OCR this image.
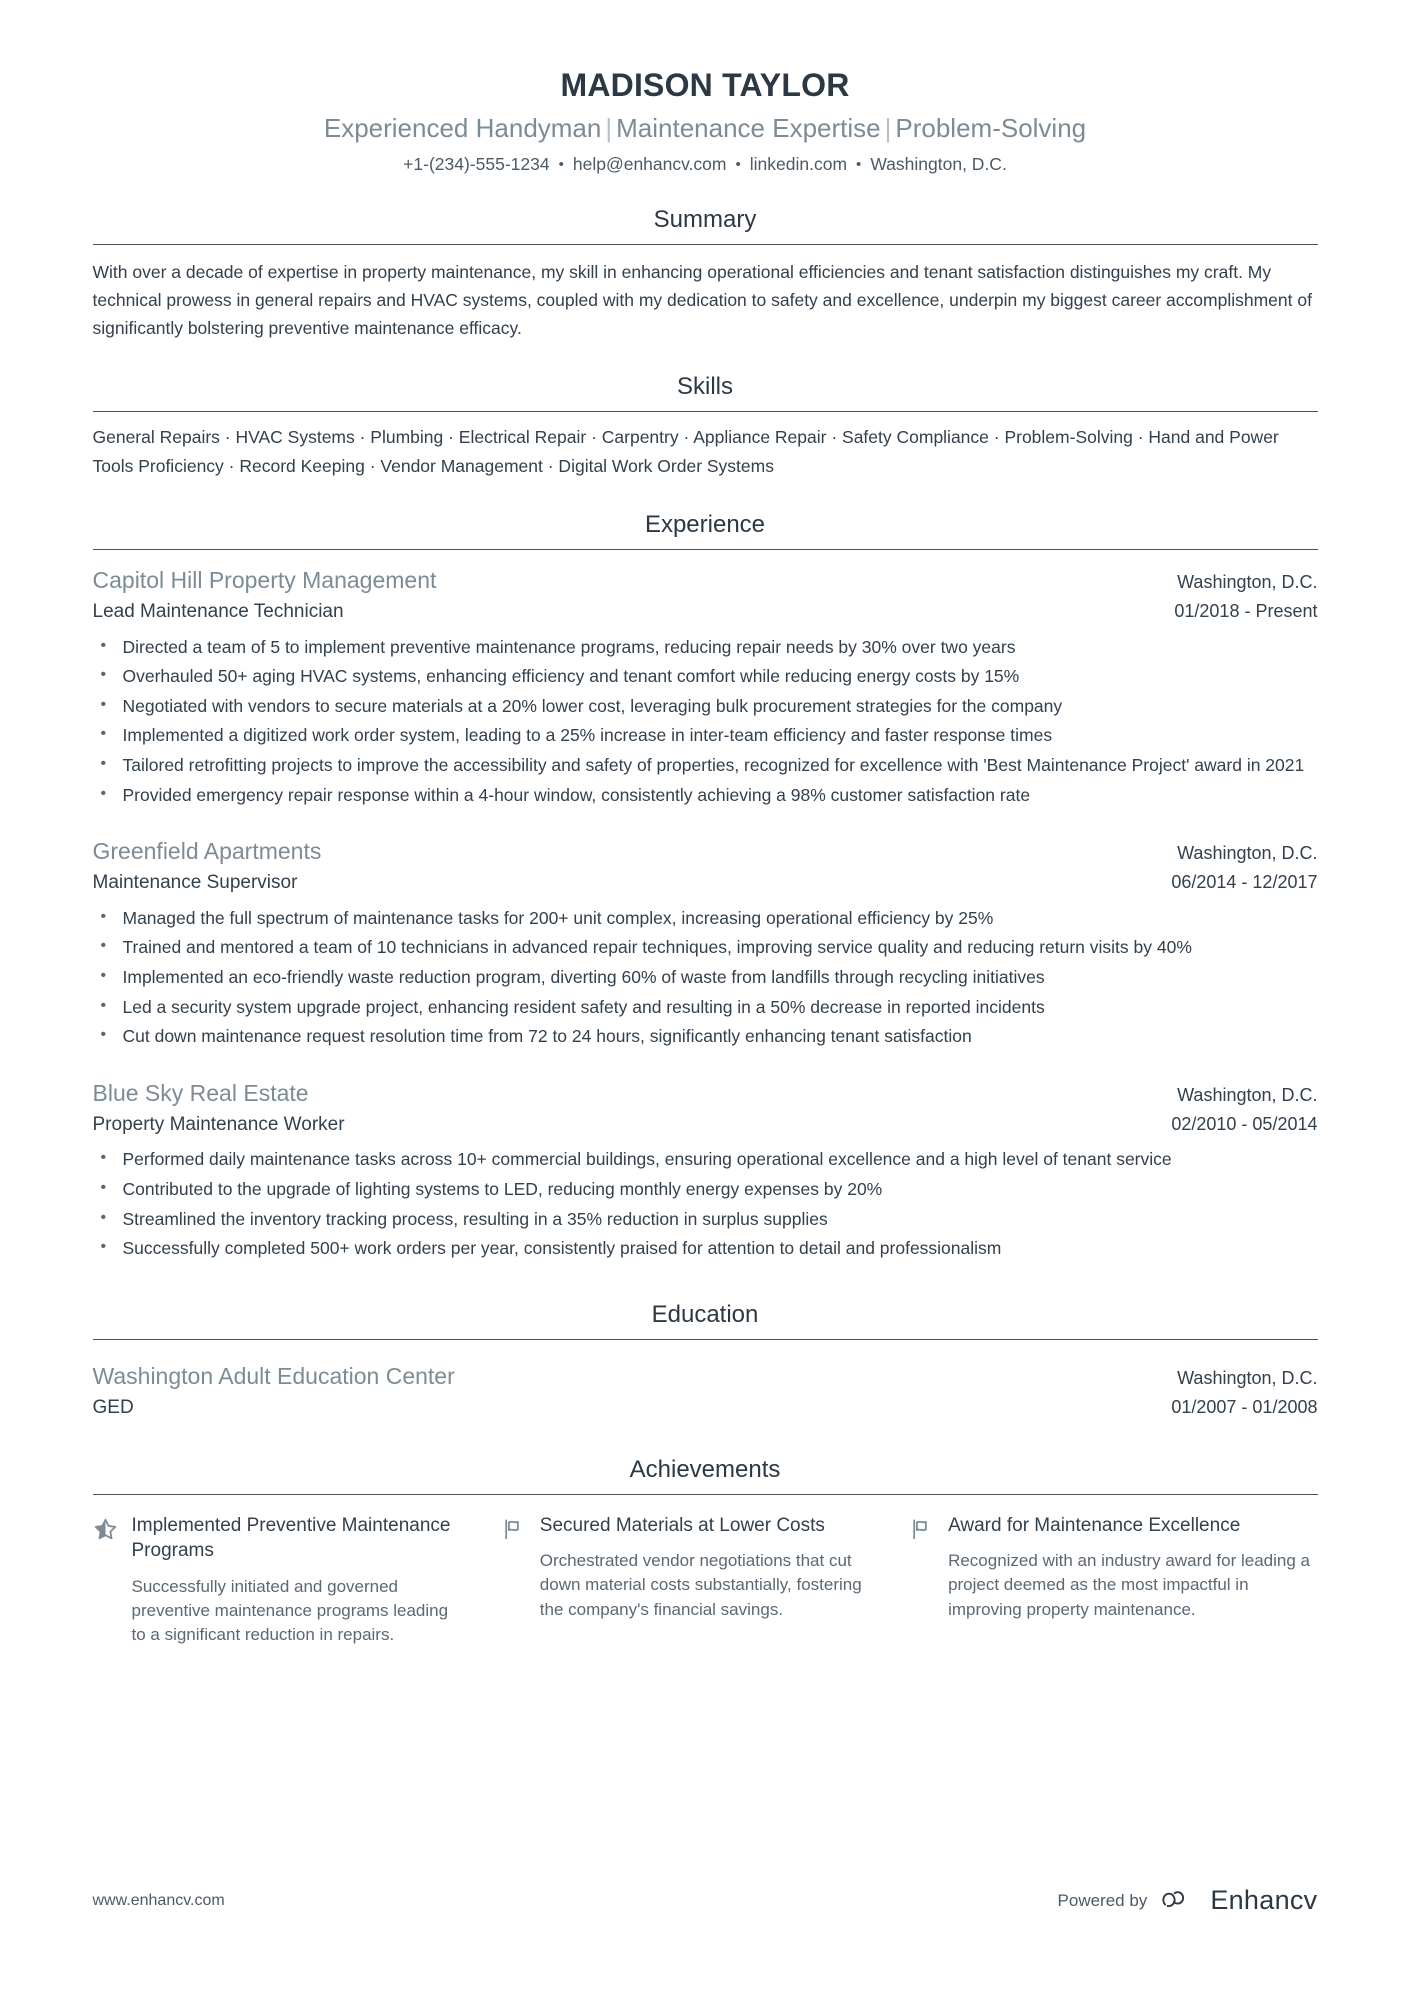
MADISON TAYLOR
Experienced Handyman | Maintenance Expertise | Problem-Solving
+1-(234)-555-1234 • help@enhancv.com • linkedin.com • Washington, D.C.
Summary
With over a decade of expertise in property maintenance, my skill in enhancing operational efficiencies and tenant satisfaction distinguishes my craft. My technical prowess in general repairs and HVAC systems, coupled with my dedication to safety and excellence, underpin my biggest career accomplishment of significantly bolstering preventive maintenance efficacy.
Skills
General Repairs · HVAC Systems · Plumbing · Electrical Repair · Carpentry · Appliance Repair · Safety Compliance · Problem-Solving · Hand and Power Tools Proficiency · Record Keeping · Vendor Management · Digital Work Order Systems
Experience
Capitol Hill Property Management	Washington, D.C.
Lead Maintenance Technician	01/2018 - Present
• Directed a team of 5 to implement preventive maintenance programs, reducing repair needs by 30% over two years
• Overhauled 50+ aging HVAC systems, enhancing efficiency and tenant comfort while reducing energy costs by 15%
• Negotiated with vendors to secure materials at a 20% lower cost, leveraging bulk procurement strategies for the company
• Implemented a digitized work order system, leading to a 25% increase in inter-team efficiency and faster response times
• Tailored retrofitting projects to improve the accessibility and safety of properties, recognized for excellence with 'Best Maintenance Project' award in 2021
• Provided emergency repair response within a 4-hour window, consistently achieving a 98% customer satisfaction rate
Greenfield Apartments	Washington, D.C.
Maintenance Supervisor	06/2014 - 12/2017
• Managed the full spectrum of maintenance tasks for 200+ unit complex, increasing operational efficiency by 25%
• Trained and mentored a team of 10 technicians in advanced repair techniques, improving service quality and reducing return visits by 40%
• Implemented an eco-friendly waste reduction program, diverting 60% of waste from landfills through recycling initiatives
• Led a security system upgrade project, enhancing resident safety and resulting in a 50% decrease in reported incidents
• Cut down maintenance request resolution time from 72 to 24 hours, significantly enhancing tenant satisfaction
Blue Sky Real Estate	Washington, D.C.
Property Maintenance Worker	02/2010 - 05/2014
• Performed daily maintenance tasks across 10+ commercial buildings, ensuring operational excellence and a high level of tenant service
• Contributed to the upgrade of lighting systems to LED, reducing monthly energy expenses by 20%
• Streamlined the inventory tracking process, resulting in a 35% reduction in surplus supplies
• Successfully completed 500+ work orders per year, consistently praised for attention to detail and professionalism
Education
Washington Adult Education Center	Washington, D.C.
GED	01/2007 - 01/2008
Achievements
Implemented Preventive Maintenance Programs
Successfully initiated and governed preventive maintenance programs leading to a significant reduction in repairs.
Secured Materials at Lower Costs
Orchestrated vendor negotiations that cut down material costs substantially, fostering the company's financial savings.
Award for Maintenance Excellence
Recognized with an industry award for leading a project deemed as the most impactful in improving property maintenance.
www.enhancv.com	Powered by Enhancv
